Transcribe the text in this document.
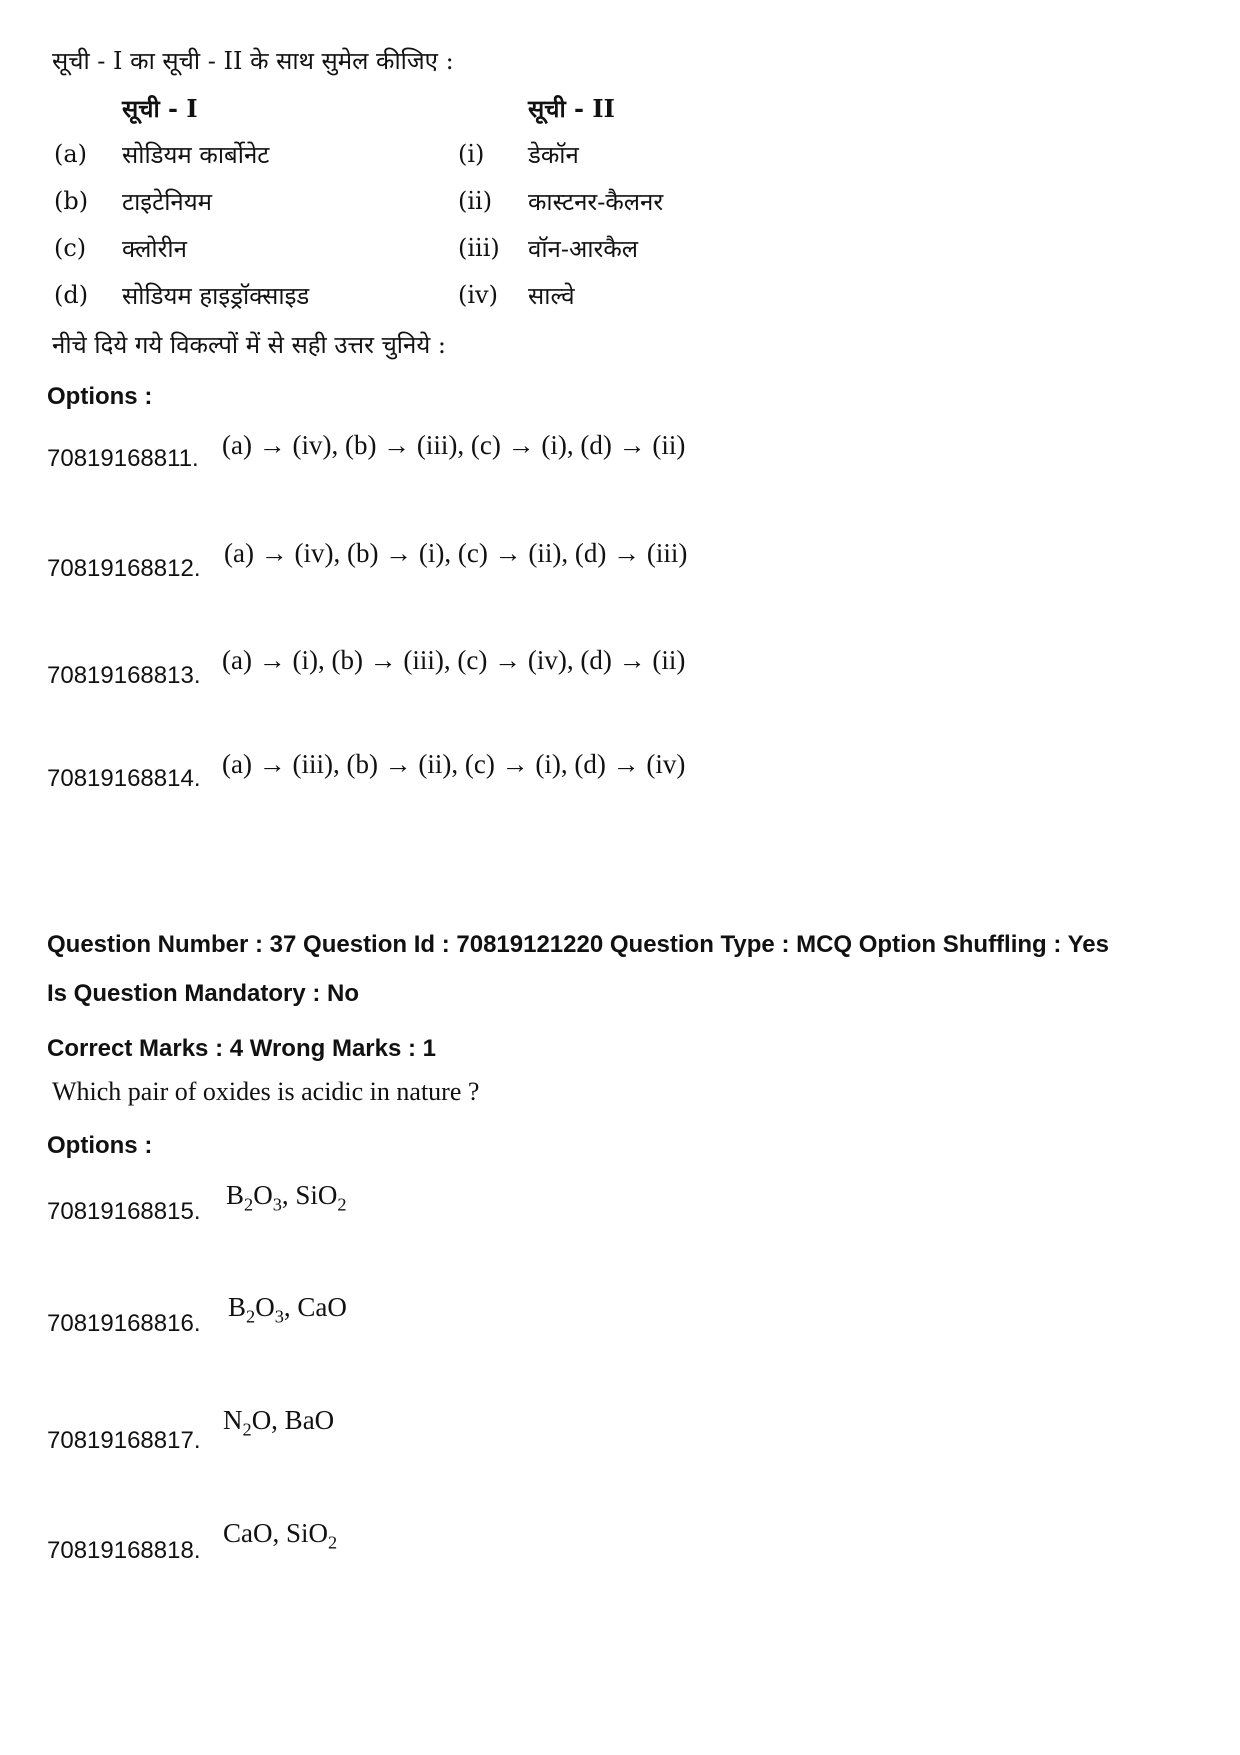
सूची - I का सूची - II के साथ सुमेल कीजिए :
सूची - I	सूची - II
(a) सोडियम कार्बोनेट
(b) टाइटेनियम
(c) क्लोरीन
(d) सोडियम हाइड्रॉक्साइड
(i) डेकॉन
(ii) कास्टनर-कैलनर
(iii) वॉन-आरकैल
(iv) साल्वे
नीचे दिये गये विकल्पों में से सही उत्तर चुनिये :
Options :
70819168811. (a) → (iv), (b) → (iii), (c) → (i), (d) → (ii)
70819168812.
(a) → (iv), (b) → (i), (c) → (ii), (d) → (iii)
70819168813.
(a) → (i), (b) → (iii), (c) → (iv), (d) → (ii)
70819168814. (a) → (iii), (b) → (ii), (c) → (i), (d) → (iv)
Question Number : 37 Question Id : 70819121220 Question Type : MCQ Option Shuffling : Yes
Is Question Mandatory : No
Correct Marks : 4 Wrong Marks : 1
Which pair of oxides is acidic in nature ?
Options :
70819168815.
$B_2O_3$, SiO$_2$
70819168816.
$B_2O_3$, CaO
70819168817.
$N_2O$, BaO
70819168818.
CaO, SiO$_2$
